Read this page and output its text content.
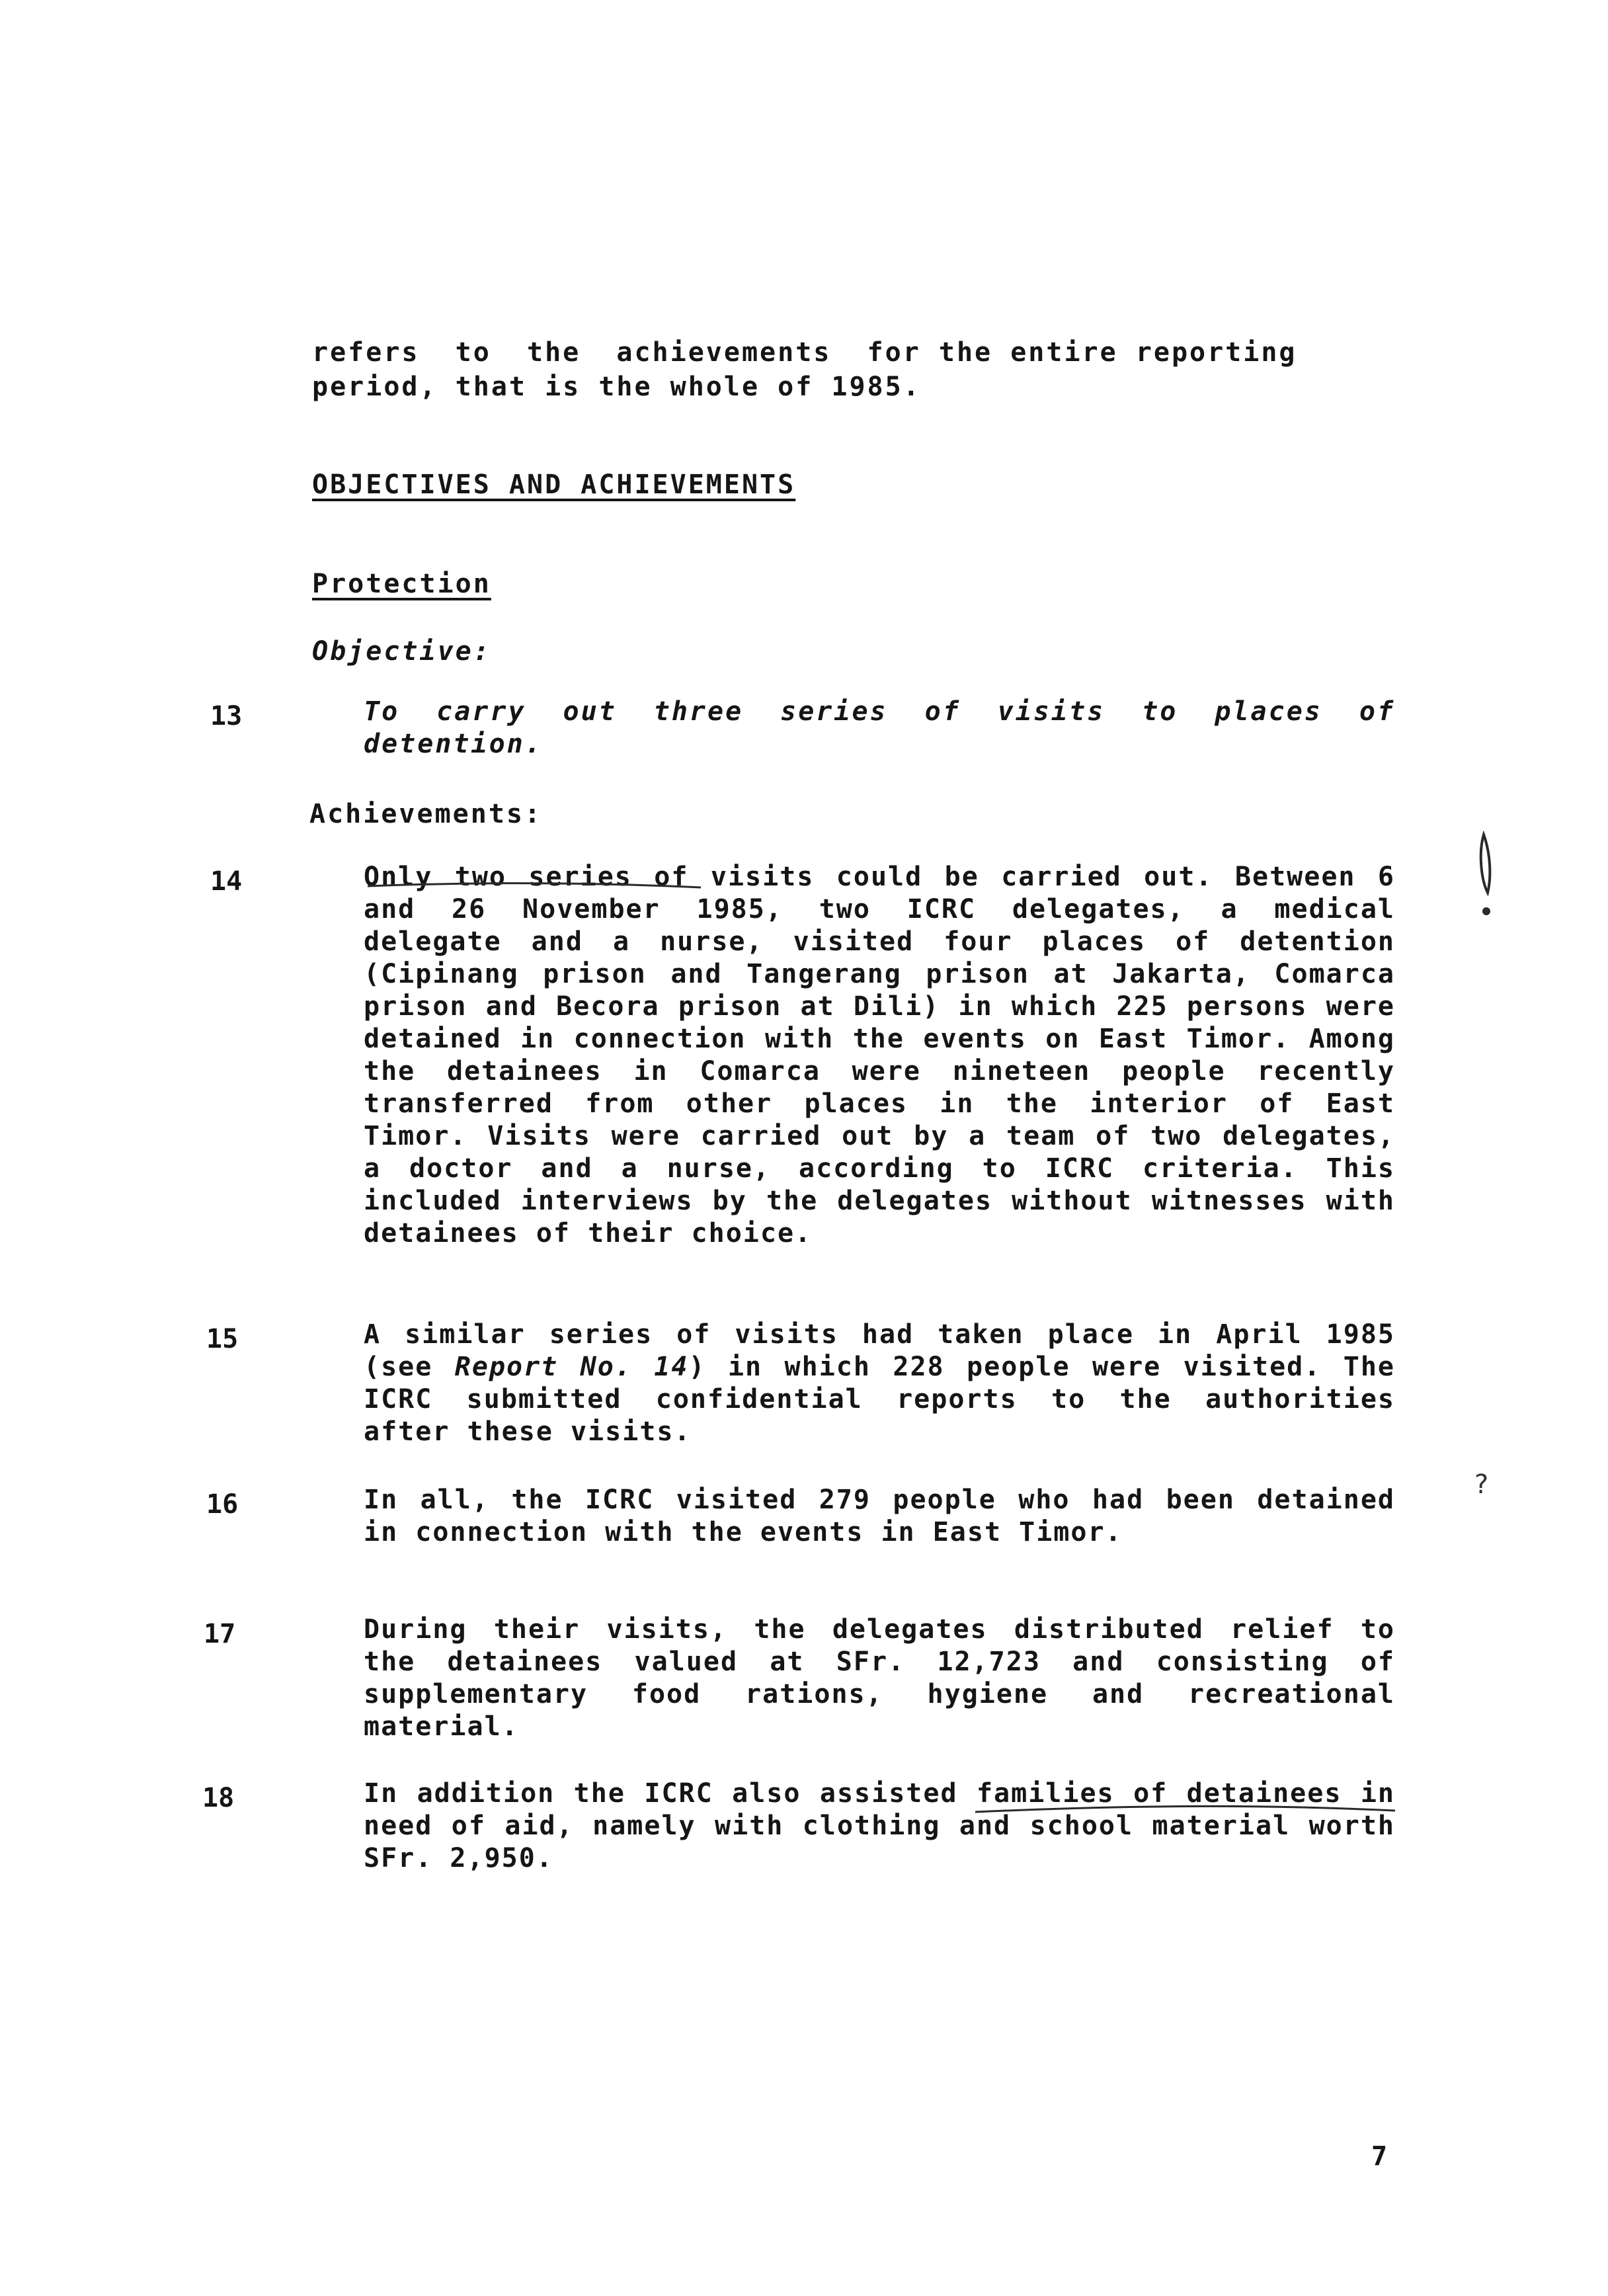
refers  to  the  achievements  for the entire reporting

period, that is the whole of 1985.

OBJECTIVES AND ACHIEVEMENTS

Protection

Objective:

13	To carry out three series of visits to places of detention.

Achievements:

14	Only two series of visits could be carried out. Between 6 and 26 November 1985, two ICRC delegates, a medical delegate and a nurse, visited four places of detention (Cipinang prison and Tangerang prison at Jakarta, Comarca prison and Becora prison at Dili) in which 225 persons were detained in connection with the events on East Timor. Among the detainees in Comarca were nineteen people recently transferred from other places in the interior of East Timor. Visits were carried out by a team of two delegates, a doctor and a nurse, according to ICRC criteria. This included interviews by the delegates without witnesses with detainees of their choice.

15	A similar series of visits had taken place in April 1985 (see Report No. 14) in which 228 people were visited. The ICRC submitted confidential reports to the authorities after these visits.

16	In all, the ICRC visited 279 people who had been detained in connection with the events in East Timor.

17	During their visits, the delegates distributed relief to the detainees valued at SFr. 12,723 and consisting of supplementary food rations, hygiene and recreational material.

18	In addition the ICRC also assisted families of detainees in need of aid, namely with clothing and school material worth SFr. 2,950.

?

7
